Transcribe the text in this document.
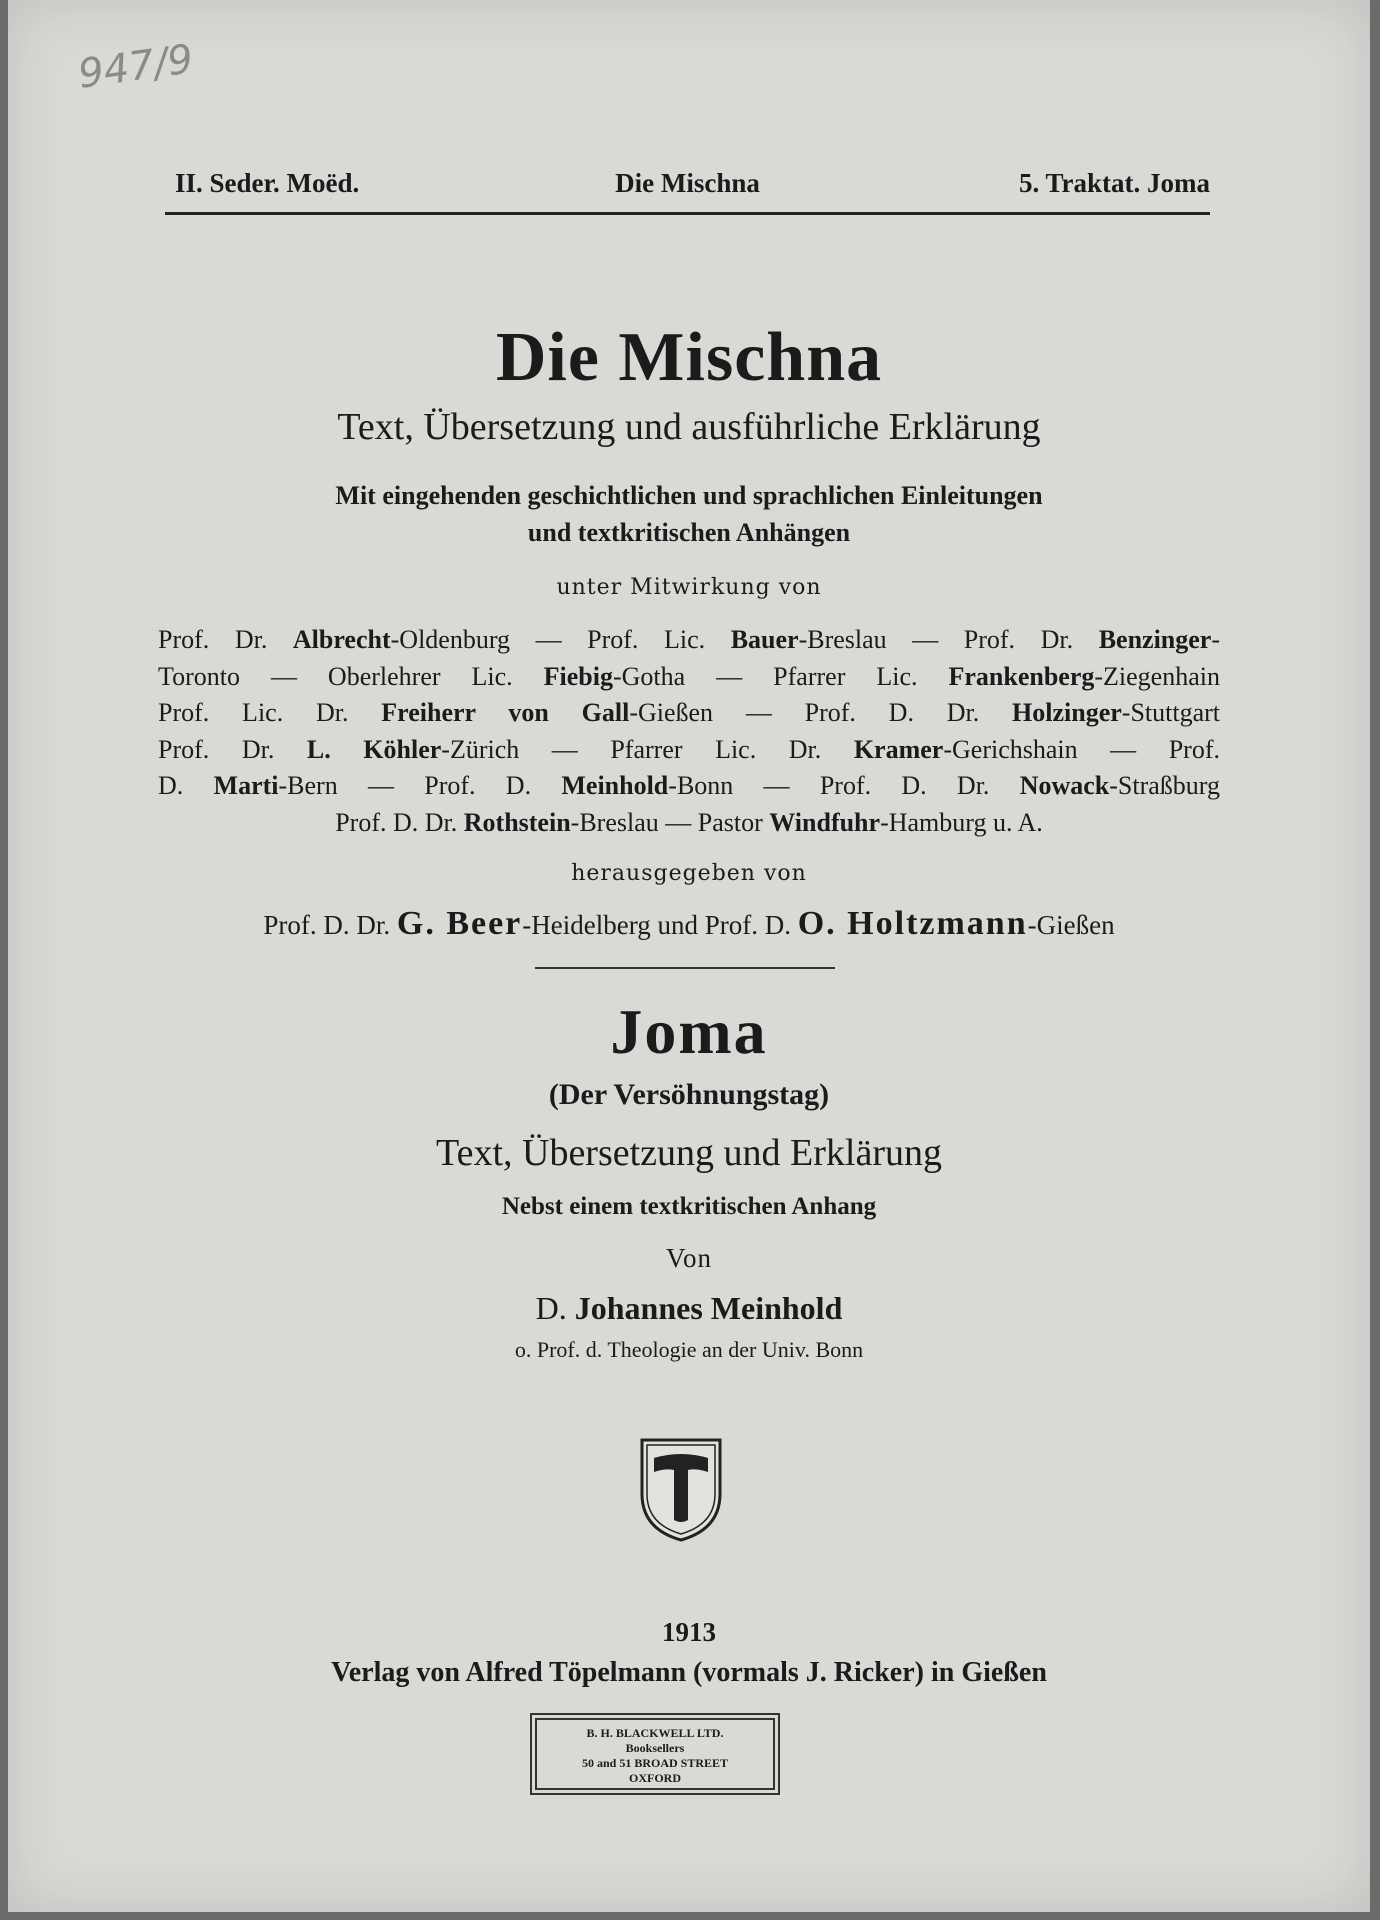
947/9
II. Seder. Moëd.	Die Mischna	5. Traktat. Joma
Die Mischna
Text, Übersetzung und ausführliche Erklärung
Mit eingehenden geschichtlichen und sprachlichen Einleitungen
und textkritischen Anhängen
unter Mitwirkung von
Prof. Dr. Albrecht-Oldenburg — Prof. Lic. Bauer-Breslau — Prof. Dr. Benzinger-
Toronto — Oberlehrer Lic. Fiebig-Gotha — Pfarrer Lic. Frankenberg-Ziegenhain
Prof. Lic. Dr. Freiherr von Gall-Gießen — Prof. D. Dr. Holzinger-Stuttgart
Prof. Dr. L. Köhler-Zürich — Pfarrer Lic. Dr. Kramer-Gerichshain — Prof.
D. Marti-Bern — Prof. D. Meinhold-Bonn — Prof. D. Dr. Nowack-Straßburg
Prof. D. Dr. Rothstein-Breslau — Pastor Windfuhr-Hamburg u. A.
herausgegeben von
Prof. D. Dr. G. Beer-Heidelberg und Prof. D. O. Holtzmann-Gießen
Joma
(Der Versöhnungstag)
Text, Übersetzung und Erklärung
Nebst einem textkritischen Anhang
Von
D. Johannes Meinhold
o. Prof. d. Theologie an der Univ. Bonn
1913
Verlag von Alfred Töpelmann (vormals J. Ricker) in Gießen
B. H. BLACKWELL LTD.
Booksellers
50 and 51 BROAD STREET
OXFORD
